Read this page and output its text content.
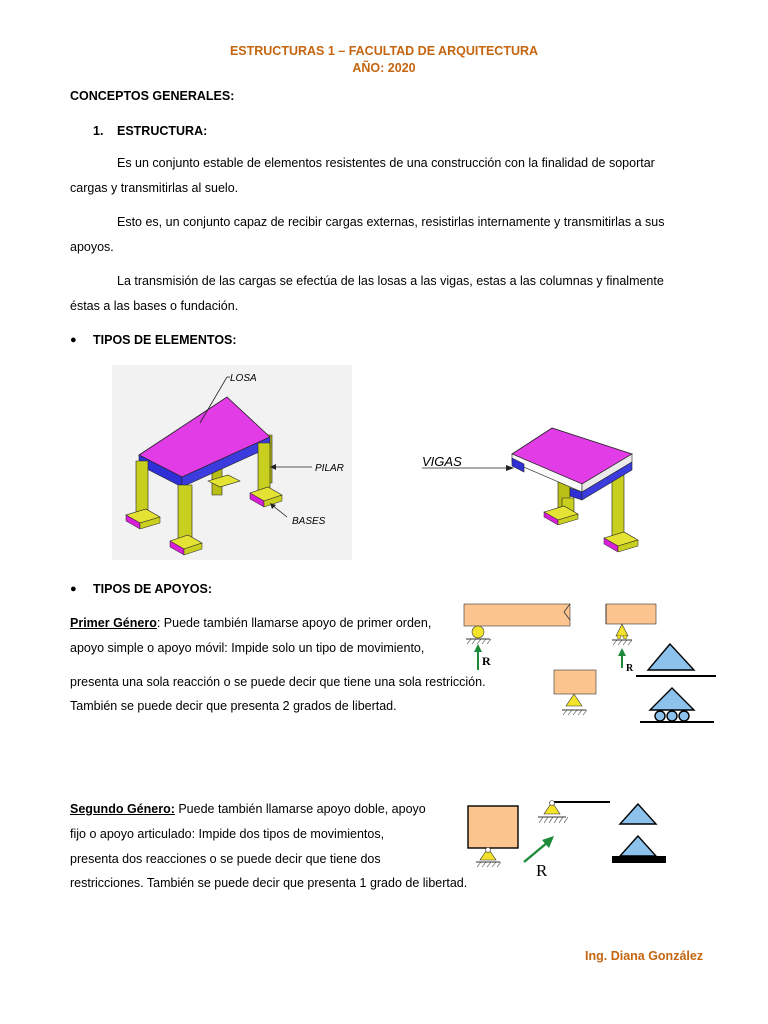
ESTRUCTURAS 1 – FACULTAD DE ARQUITECTURA
AÑO: 2020
CONCEPTOS GENERALES:
1. ESTRUCTURA:
Es un conjunto estable de elementos resistentes de una construcción con la finalidad de soportar
cargas y transmitirlas al suelo.
Esto es, un conjunto capaz de recibir cargas externas, resistirlas internamente y transmitirlas a sus
apoyos.
La transmisión de las cargas se efectúa de las losas a las vigas, estas a las columnas y finalmente
éstas a las bases o fundación.
● TIPOS DE ELEMENTOS:
LOSA
PILAR
BASES
VIGAS
● TIPOS DE APOYOS:
Primer Género: Puede también llamarse apoyo de primer orden,
apoyo simple o apoyo móvil: Impide solo un tipo de movimiento,
presenta una sola reacción o se puede decir que tiene una sola restricción.
También se puede decir que presenta 2 grados de libertad.
R
R
Segundo Género: Puede también llamarse apoyo doble, apoyo
fijo o apoyo articulado: Impide dos tipos de movimientos,
presenta dos reacciones o se puede decir que tiene dos
restricciones. También se puede decir que presenta 1 grado de libertad.
R
Ing. Diana González
